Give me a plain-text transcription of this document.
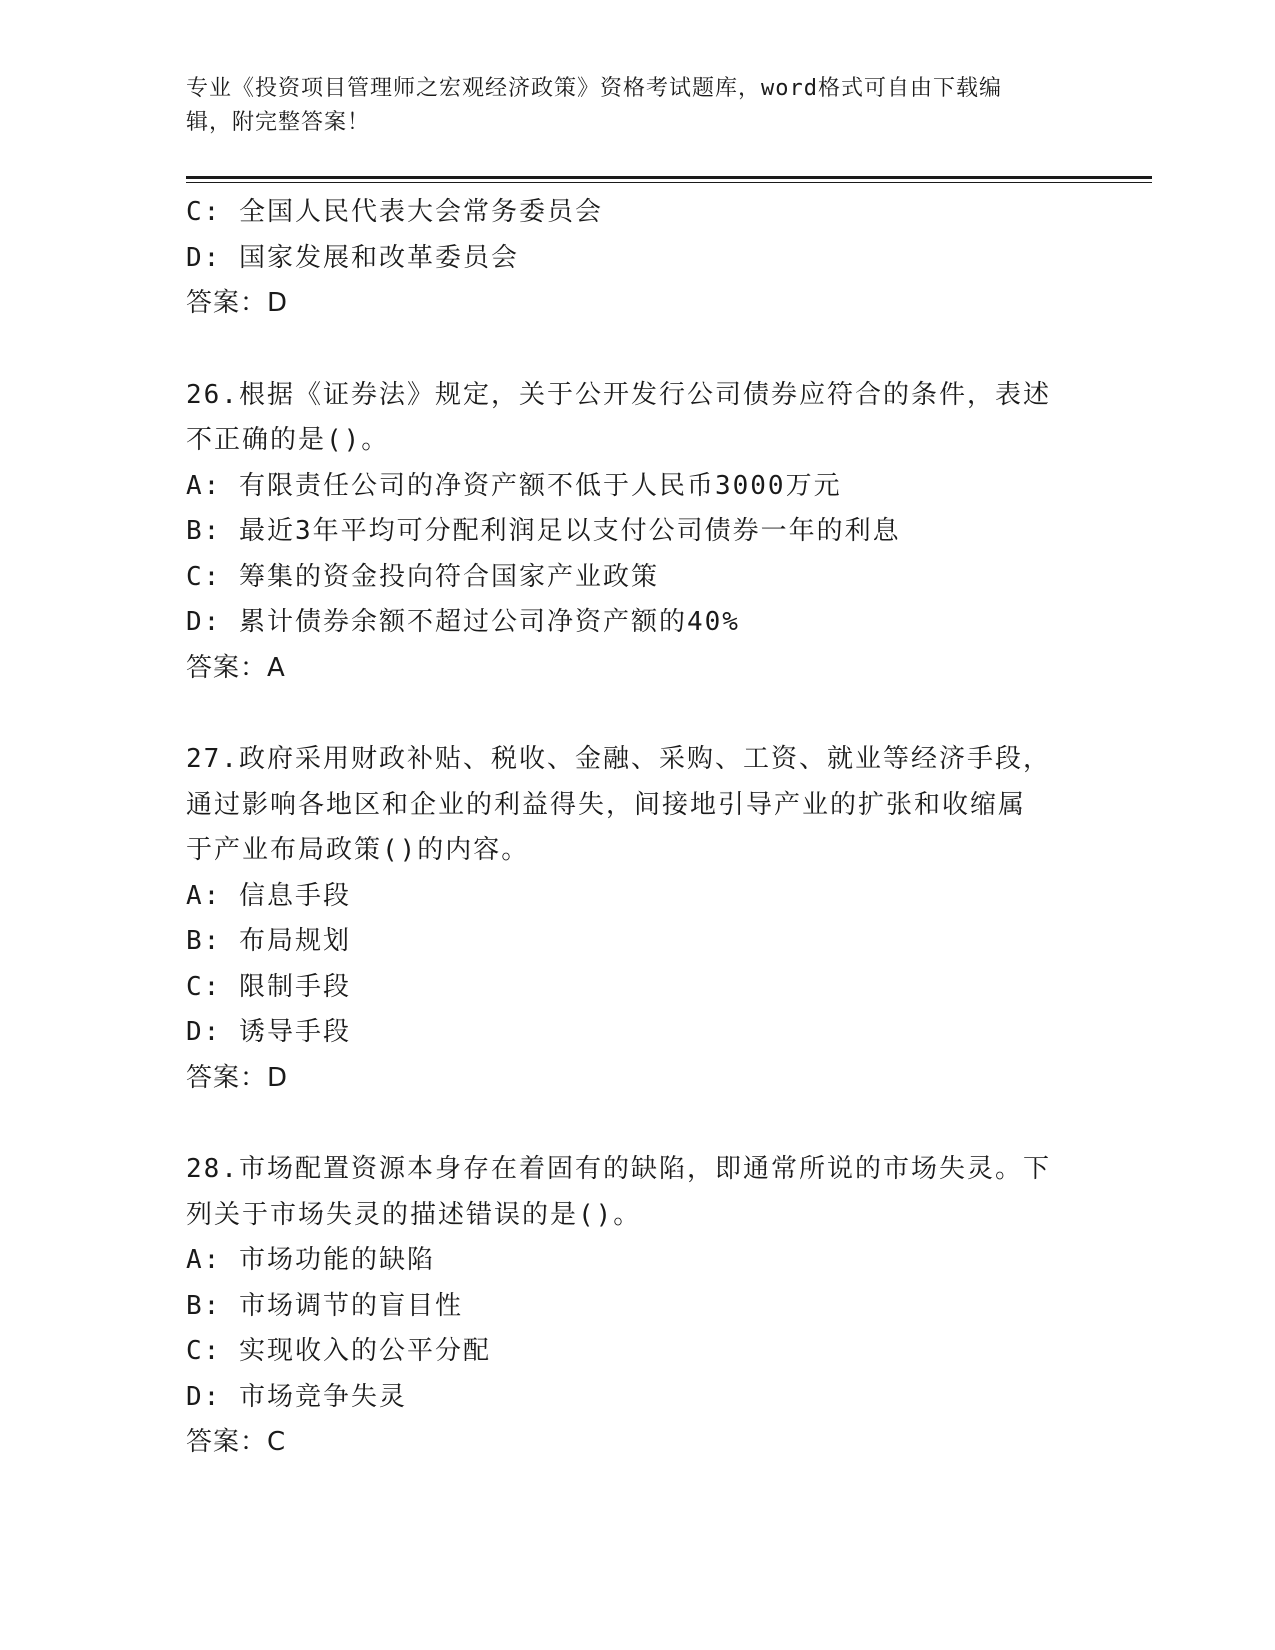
专业《投资项目管理师之宏观经济政策》资格考试题库，word格式可自由下载编
辑，附完整答案！
C: 全国人民代表大会常务委员会
D: 国家发展和改革委员会
答案：D
26.根据《证券法》规定，关于公开发行公司债券应符合的条件，表述
不正确的是()。
A: 有限责任公司的净资产额不低于人民币3000万元
B: 最近3年平均可分配利润足以支付公司债券一年的利息
C: 筹集的资金投向符合国家产业政策
D: 累计债券余额不超过公司净资产额的40%
答案：A
27.政府采用财政补贴、税收、金融、采购、工资、就业等经济手段，
通过影响各地区和企业的利益得失，间接地引导产业的扩张和收缩属
于产业布局政策()的内容。
A: 信息手段
B: 布局规划
C: 限制手段
D: 诱导手段
答案：D
28.市场配置资源本身存在着固有的缺陷，即通常所说的市场失灵。下
列关于市场失灵的描述错误的是()。
A: 市场功能的缺陷
B: 市场调节的盲目性
C: 实现收入的公平分配
D: 市场竞争失灵
答案：C
